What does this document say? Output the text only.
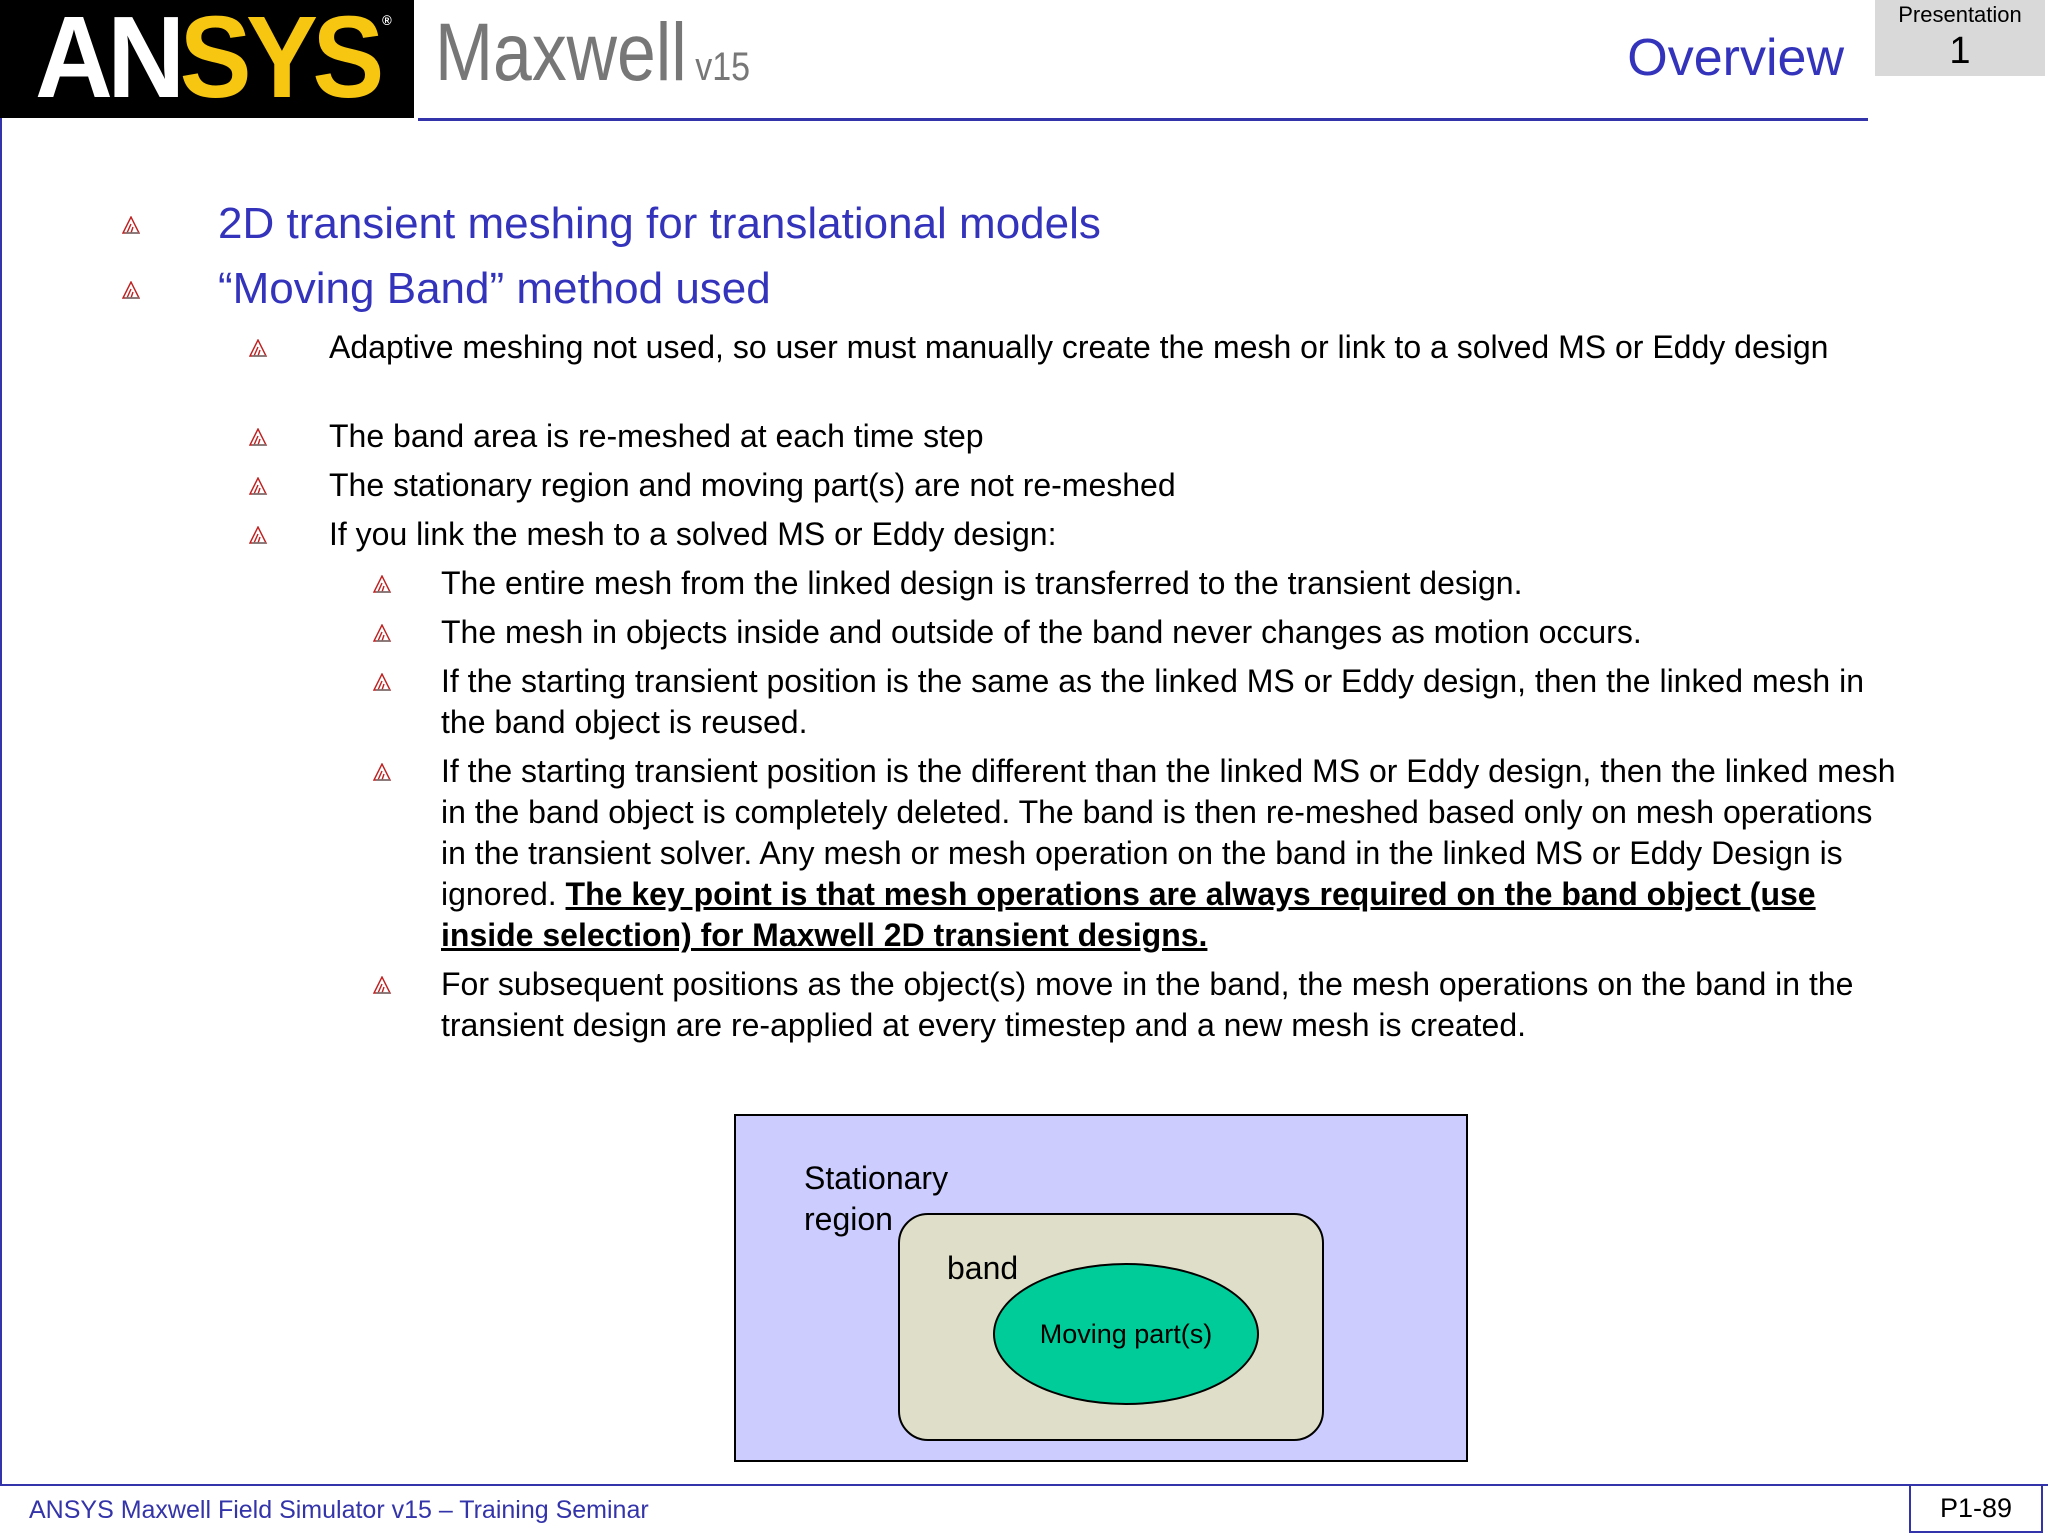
ANSYS ® Maxwell v15	Overview
Presentation
1
2D transient meshing for translational models
“Moving Band” method used
Adaptive meshing not used, so user must manually create the mesh or link to a solved MS or Eddy design
The band area is re-meshed at each time step
The stationary region and moving part(s) are not re-meshed
If you link the mesh to a solved MS or Eddy design:
The entire mesh from the linked design is transferred to the transient design.
The mesh in objects inside and outside of the band never changes as motion occurs.
If the starting transient position is the same as the linked MS or Eddy design, then the linked mesh in the band object is reused.
If the starting transient position is the different than the linked MS or Eddy design, then the linked mesh in the band object is completely deleted. The band is then re-meshed based only on mesh operations in the transient solver. Any mesh or mesh operation on the band in the linked MS or Eddy Design is ignored. The key point is that mesh operations are always required on the band object (use inside selection) for Maxwell 2D transient designs.
For subsequent positions as the object(s) move in the band, the mesh operations on the band in the transient design are re-applied at every timestep and a new mesh is created.
Moving part(s)
Stationary
region
band
ANSYS Maxwell Field Simulator v15 – Training Seminar	P1-89
